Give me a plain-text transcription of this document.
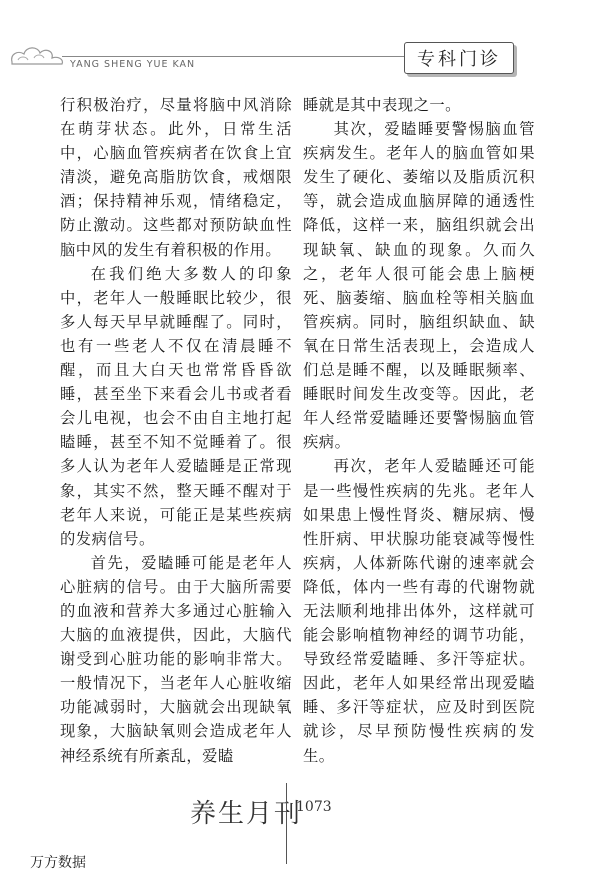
YANG SHENG YUE KAN	专科门诊

行积极治疗，尽量将脑中风消除在萌芽状态。此外，日常生活中，心脑血管疾病者在饮食上宜清淡，避免高脂肪饮食，戒烟限酒；保持精神乐观，情绪稳定，防止激动。这些都对预防缺血性脑中风的发生有着积极的作用。

在我们绝大多数人的印象中，老年人一般睡眠比较少，很多人每天早早就睡醒了。同时，也有一些老人不仅在清晨睡不醒，而且大白天也常常昏昏欲睡，甚至坐下来看会儿书或者看会儿电视，也会不由自主地打起瞌睡，甚至不知不觉睡着了。很多人认为老年人爱瞌睡是正常现象，其实不然，整天睡不醒对于老年人来说，可能正是某些疾病的发病信号。

首先，爱瞌睡可能是老年人心脏病的信号。由于大脑所需要的血液和营养大多通过心脏输入大脑的血液提供，因此，大脑代谢受到心脏功能的影响非常大。一般情况下，当老年人心脏收缩功能减弱时，大脑就会出现缺氧现象，大脑缺氧则会造成老年人神经系统有所紊乱，爱瞌

睡就是其中表现之一。

其次，爱瞌睡要警惕脑血管疾病发生。老年人的脑血管如果发生了硬化、萎缩以及脂质沉积等，就会造成血脑屏障的通透性降低，这样一来，脑组织就会出现缺氧、缺血的现象。久而久之，老年人很可能会患上脑梗死、脑萎缩、脑血栓等相关脑血管疾病。同时，脑组织缺血、缺氧在日常生活表现上，会造成人们总是睡不醒，以及睡眠频率、睡眠时间发生改变等。因此，老年人经常爱瞌睡还要警惕脑血管疾病。

再次，老年人爱瞌睡还可能是一些慢性疾病的先兆。老年人如果患上慢性肾炎、糖尿病、慢性肝病、甲状腺功能衰减等慢性疾病，人体新陈代谢的速率就会降低，体内一些有毒的代谢物就无法顺利地排出体外，这样就可能会影响植物神经的调节功能，导致经常爱瞌睡、多汗等症状。因此，老年人如果经常出现爱瞌睡、多汗等症状，应及时到医院就诊，尽早预防慢性疾病的发生。

养生月刊
1073
万方数据
